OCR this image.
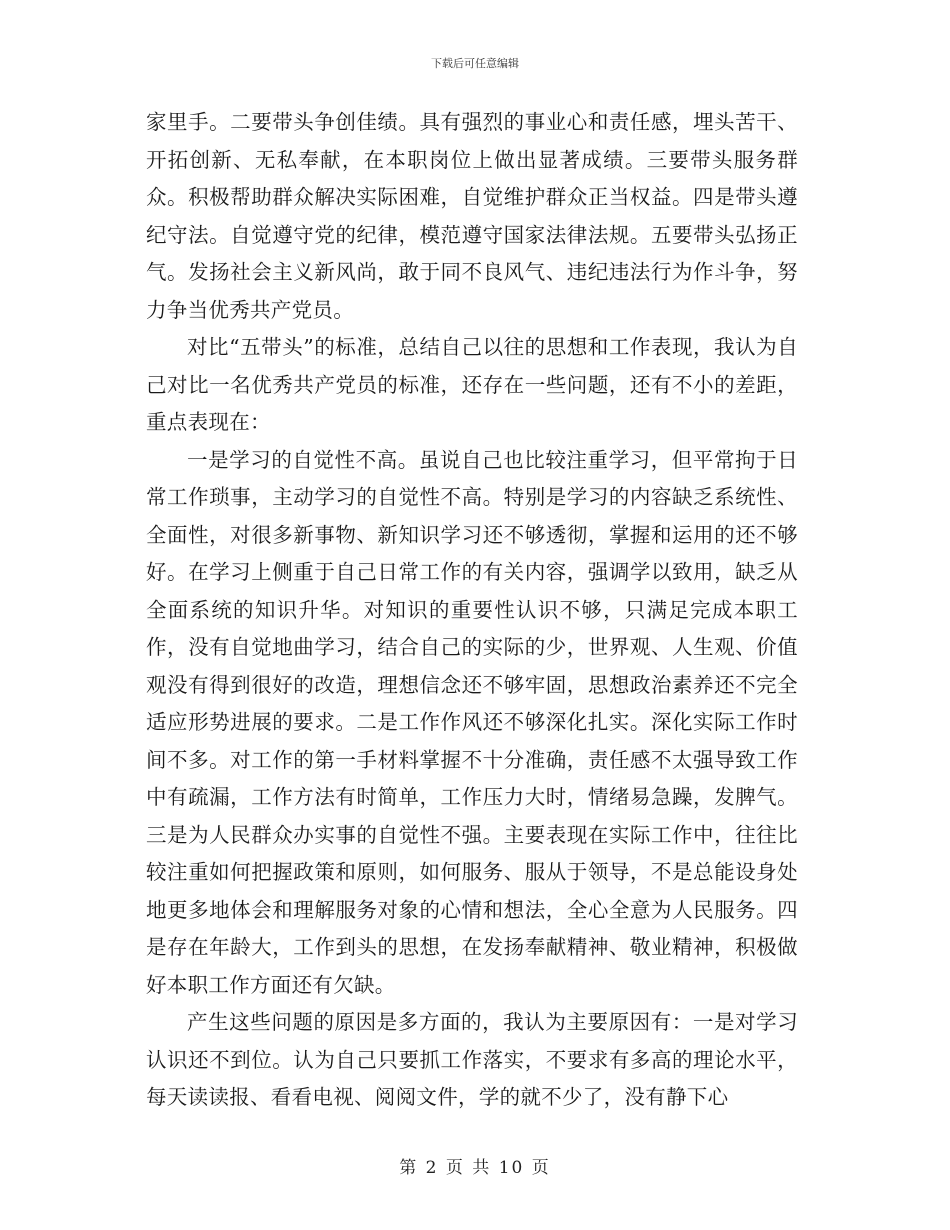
下载后可任意编辑

家里手。二要带头争创佳绩。具有强烈的事业心和责任感，埋头苦干、开拓创新、无私奉献，在本职岗位上做出显著成绩。三要带头服务群众。积极帮助群众解决实际困难，自觉维护群众正当权益。四是带头遵纪守法。自觉遵守党的纪律，模范遵守国家法律法规。五要带头弘扬正气。发扬社会主义新风尚，敢于同不良风气、违纪违法行为作斗争，努力争当优秀共产党员。

对比“五带头”的标准，总结自己以往的思想和工作表现，我认为自己对比一名优秀共产党员的标准，还存在一些问题，还有不小的差距，重点表现在：

一是学习的自觉性不高。虽说自己也比较注重学习，但平常拘于日常工作琐事，主动学习的自觉性不高。特别是学习的内容缺乏系统性、全面性，对很多新事物、新知识学习还不够透彻，掌握和运用的还不够好。在学习上侧重于自己日常工作的有关内容，强调学以致用，缺乏从全面系统的知识升华。对知识的重要性认识不够，只满足完成本职工作，没有自觉地曲学习，结合自己的实际的少，世界观、人生观、价值观没有得到很好的改造，理想信念还不够牢固，思想政治素养还不完全适应形势进展的要求。二是工作作风还不够深化扎实。深化实际工作时间不多。对工作的第一手材料掌握不十分准确，责任感不太强导致工作中有疏漏，工作方法有时简单，工作压力大时，情绪易急躁，发脾气。三是为人民群众办实事的自觉性不强。主要表现在实际工作中，往往比较注重如何把握政策和原则，如何服务、服从于领导，不是总能设身处地更多地体会和理解服务对象的心情和想法，全心全意为人民服务。四是存在年龄大，工作到头的思想，在发扬奉献精神、敬业精神，积极做好本职工作方面还有欠缺。

产生这些问题的原因是多方面的，我认为主要原因有：一是对学习认识还不到位。认为自己只要抓工作落实，不要求有多高的理论水平，每天读读报、看看电视、阅阅文件，学的就不少了，没有静下心

第 2 页 共 10 页
